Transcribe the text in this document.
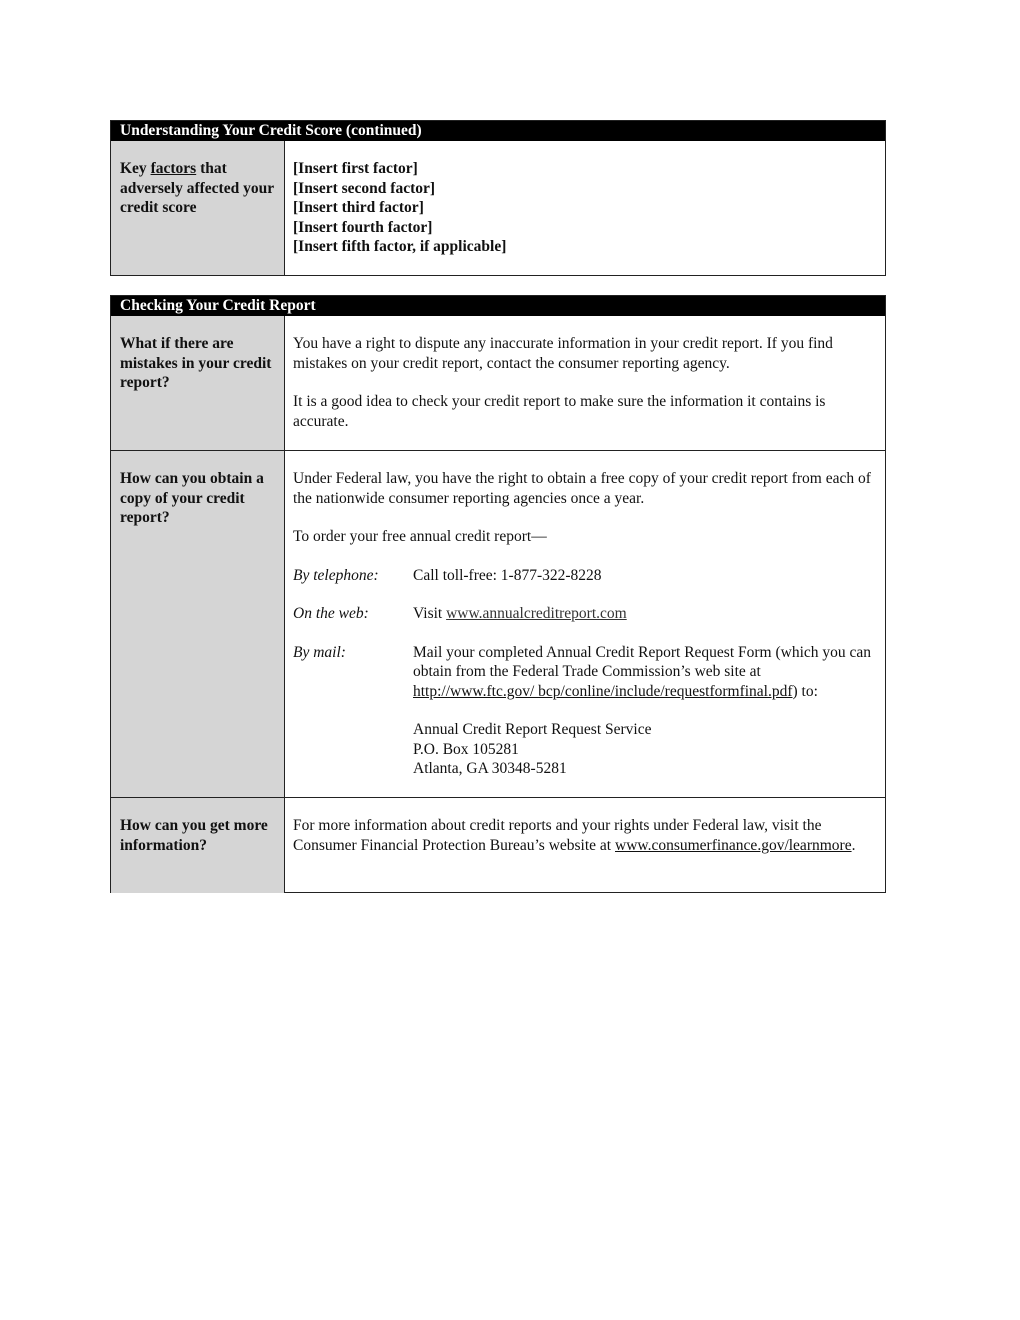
Understanding Your Credit Score (continued)
Key factors that adversely affected your credit score
[Insert first factor]
[Insert second factor]
[Insert third factor]
[Insert fourth factor]
[Insert fifth factor, if applicable]
Checking Your Credit Report
What if there are mistakes in your credit report?

You have a right to dispute any inaccurate information in your credit report. If you find mistakes on your credit report, contact the consumer reporting agency.

It is a good idea to check your credit report to make sure the information it contains is accurate.

How can you obtain a copy of your credit report?

Under Federal law, you have the right to obtain a free copy of your credit report from each of the nationwide consumer reporting agencies once a year.

To order your free annual credit report—

By telephone:	Call toll-free: 1-877-322-8228
On the web:	Visit www.annualcreditreport.com
By mail:	Mail your completed Annual Credit Report Request Form (which you can obtain from the Federal Trade Commission’s web site at http://www.ftc.gov/ bcp/conline/include/requestformfinal.pdf) to:
Annual Credit Report Request Service
P.O. Box 105281
Atlanta, GA 30348-5281
How can you get more information?
For more information about credit reports and your rights under Federal law, visit the Consumer Financial Protection Bureau’s website at www.consumerfinance.gov/learnmore.
